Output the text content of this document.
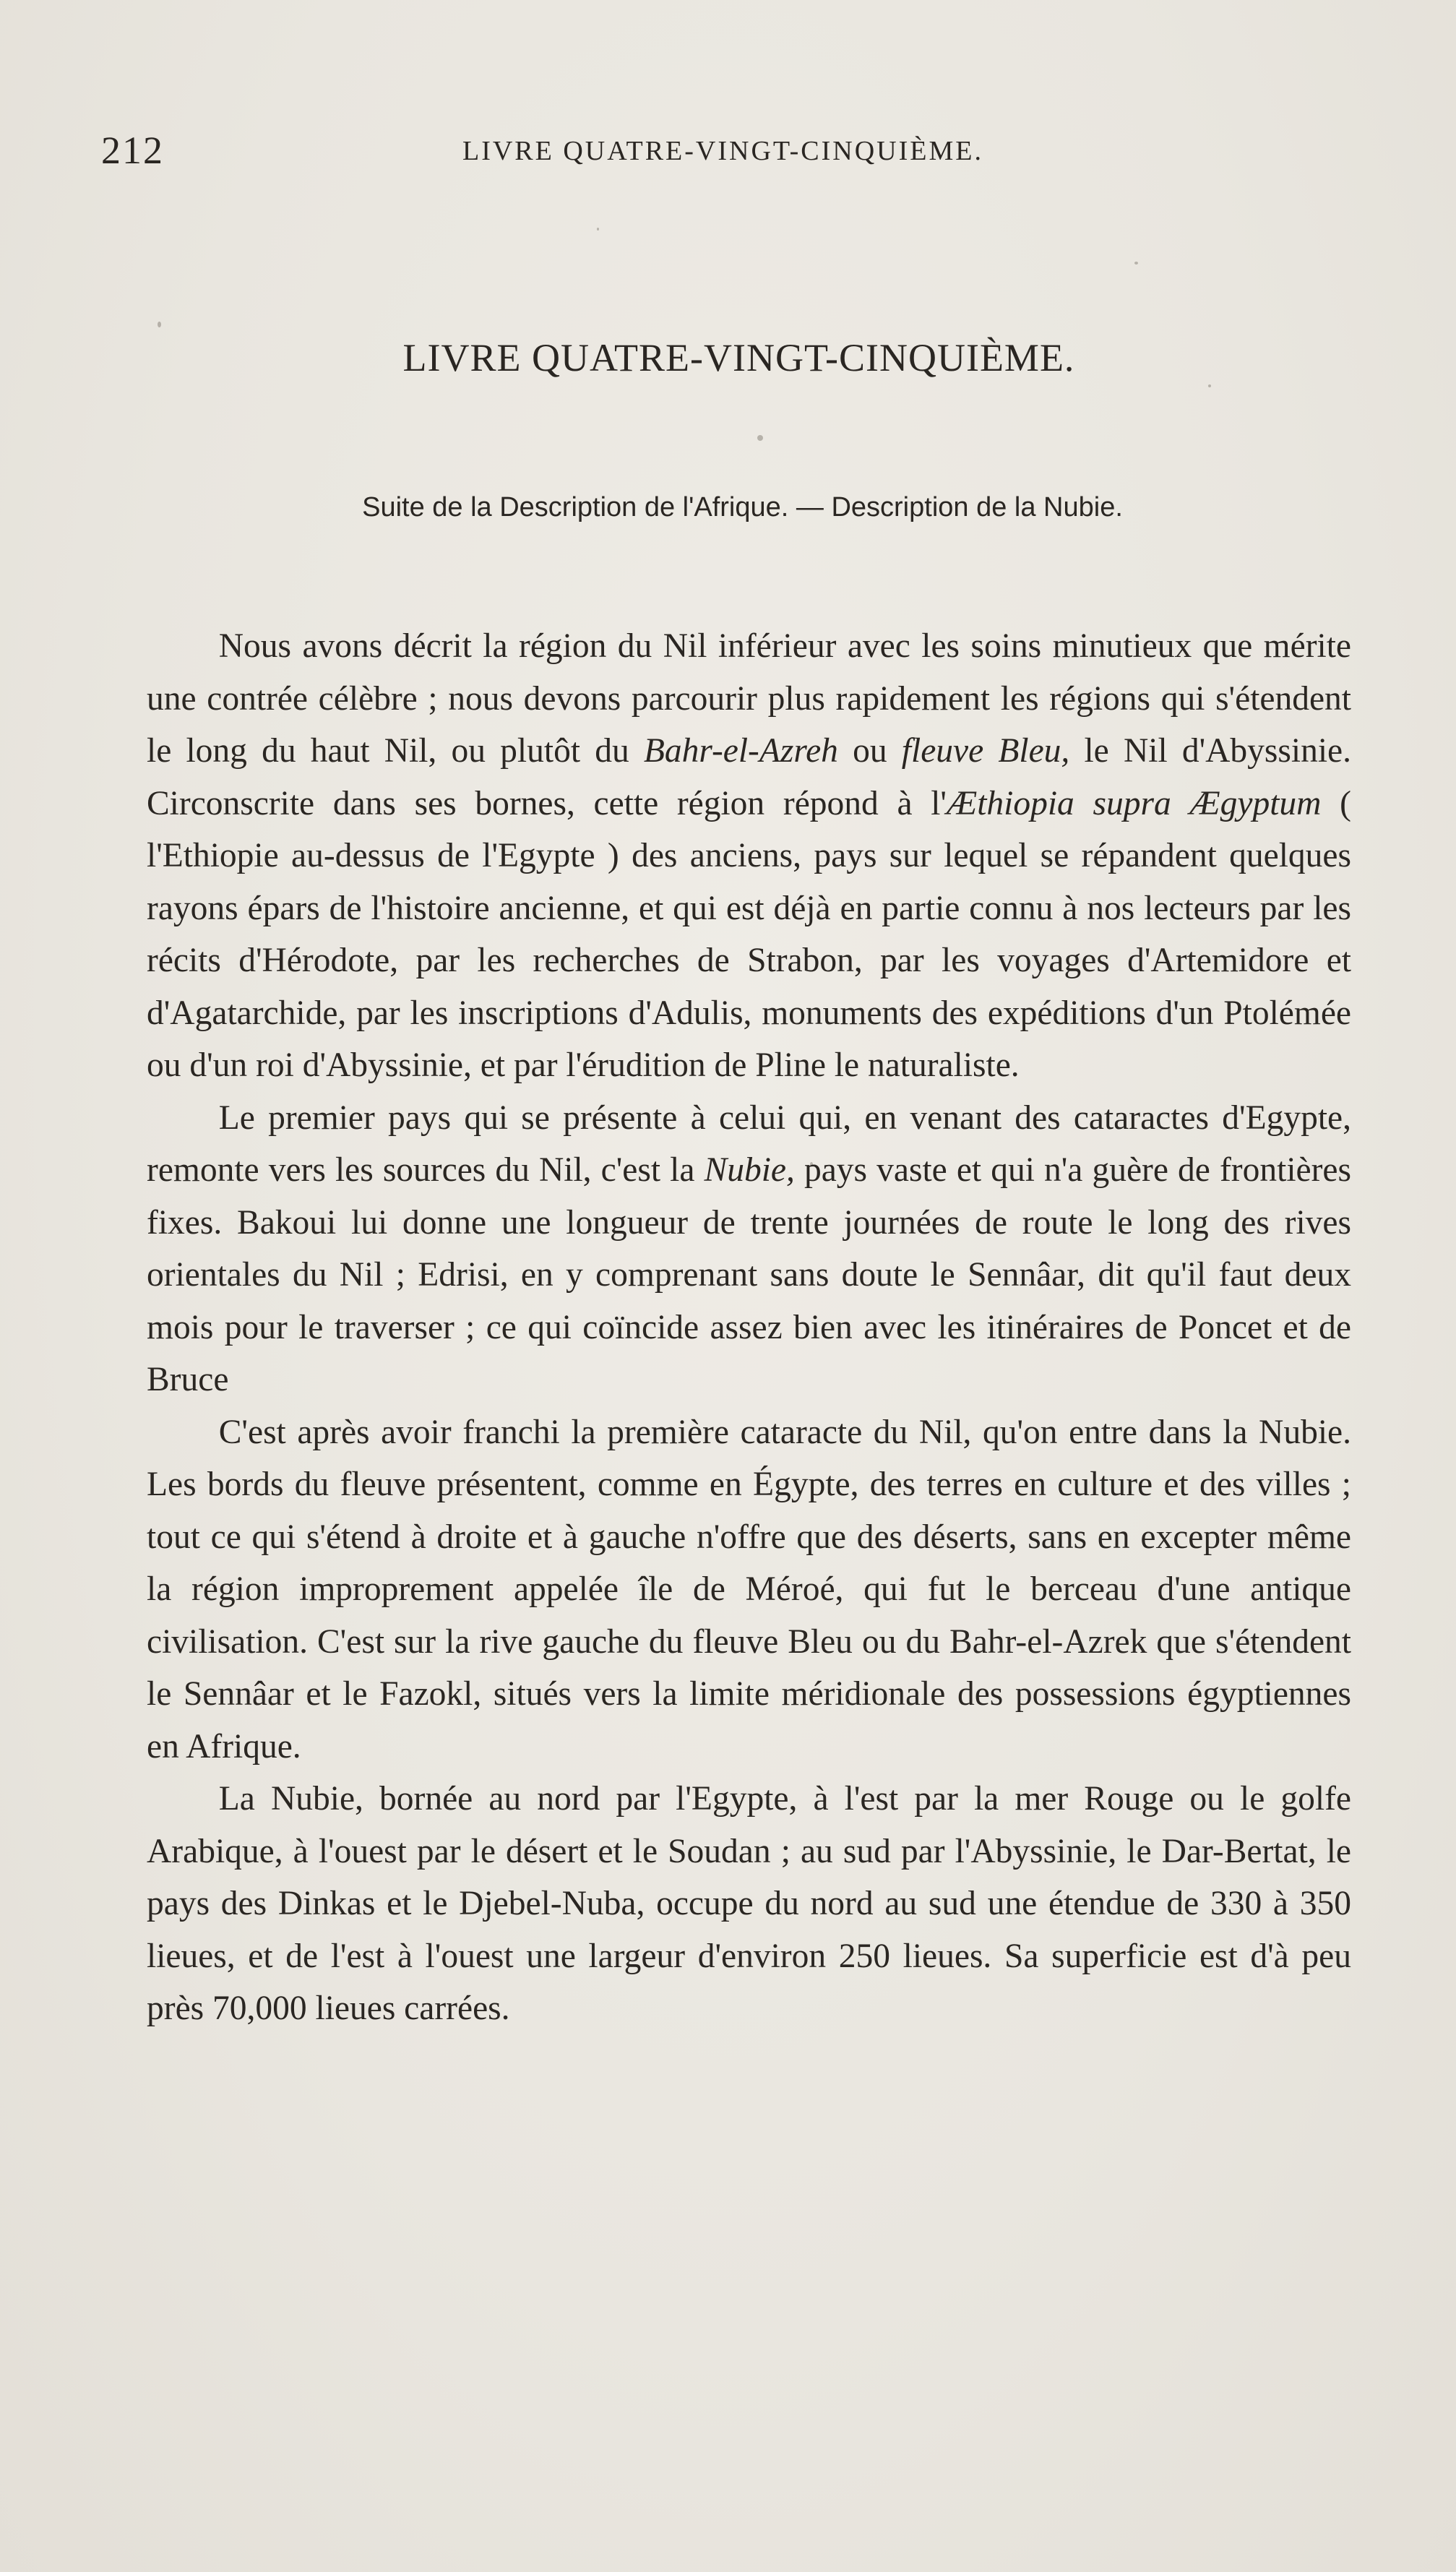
212	LIVRE QUATRE-VINGT-CINQUIÈME.
LIVRE QUATRE-VINGT-CINQUIÈME.
Suite de la Description de l'Afrique. — Description de la Nubie.

Nous avons décrit la région du Nil inférieur avec les soins minutieux que mérite une contrée célèbre ; nous devons parcourir plus rapidement les régions qui s'étendent le long du haut Nil, ou plutôt du Bahr-el-Azreh ou fleuve Bleu, le Nil d'Abyssinie. Circonscrite dans ses bornes, cette région répond à l'Æthiopia supra Ægyptum ( l'Ethiopie au-dessus de l'Egypte ) des anciens, pays sur lequel se répandent quelques rayons épars de l'histoire ancienne, et qui est déjà en partie connu à nos lecteurs par les récits d'Hérodote, par les recherches de Strabon, par les voyages d'Artemidore et d'Agatarchide, par les inscriptions d'Adulis, monuments des expéditions d'un Ptolémée ou d'un roi d'Abyssinie, et par l'érudition de Pline le naturaliste.

Le premier pays qui se présente à celui qui, en venant des cataractes d'Egypte, remonte vers les sources du Nil, c'est la Nubie, pays vaste et qui n'a guère de frontières fixes. Bakoui lui donne une longueur de trente journées de route le long des rives orientales du Nil ; Edrisi, en y comprenant sans doute le Sennâar, dit qu'il faut deux mois pour le traverser ; ce qui coïncide assez bien avec les itinéraires de Poncet et de Bruce

C'est après avoir franchi la première cataracte du Nil, qu'on entre dans la Nubie. Les bords du fleuve présentent, comme en Égypte, des terres en culture et des villes ; tout ce qui s'étend à droite et à gauche n'offre que des déserts, sans en excepter même la région improprement appelée île de Méroé, qui fut le berceau d'une antique civilisation. C'est sur la rive gauche du fleuve Bleu ou du Bahr-el-Azrek que s'étendent le Sennâar et le Fazokl, situés vers la limite méridionale des possessions égyptiennes en Afrique.

La Nubie, bornée au nord par l'Egypte, à l'est par la mer Rouge ou le golfe Arabique, à l'ouest par le désert et le Soudan ; au sud par l'Abyssinie, le Dar-Bertat, le pays des Dinkas et le Djebel-Nuba, occupe du nord au sud une étendue de 330 à 350 lieues, et de l'est à l'ouest une largeur d'environ 250 lieues. Sa superficie est d'à peu près 70,000 lieues carrées.
